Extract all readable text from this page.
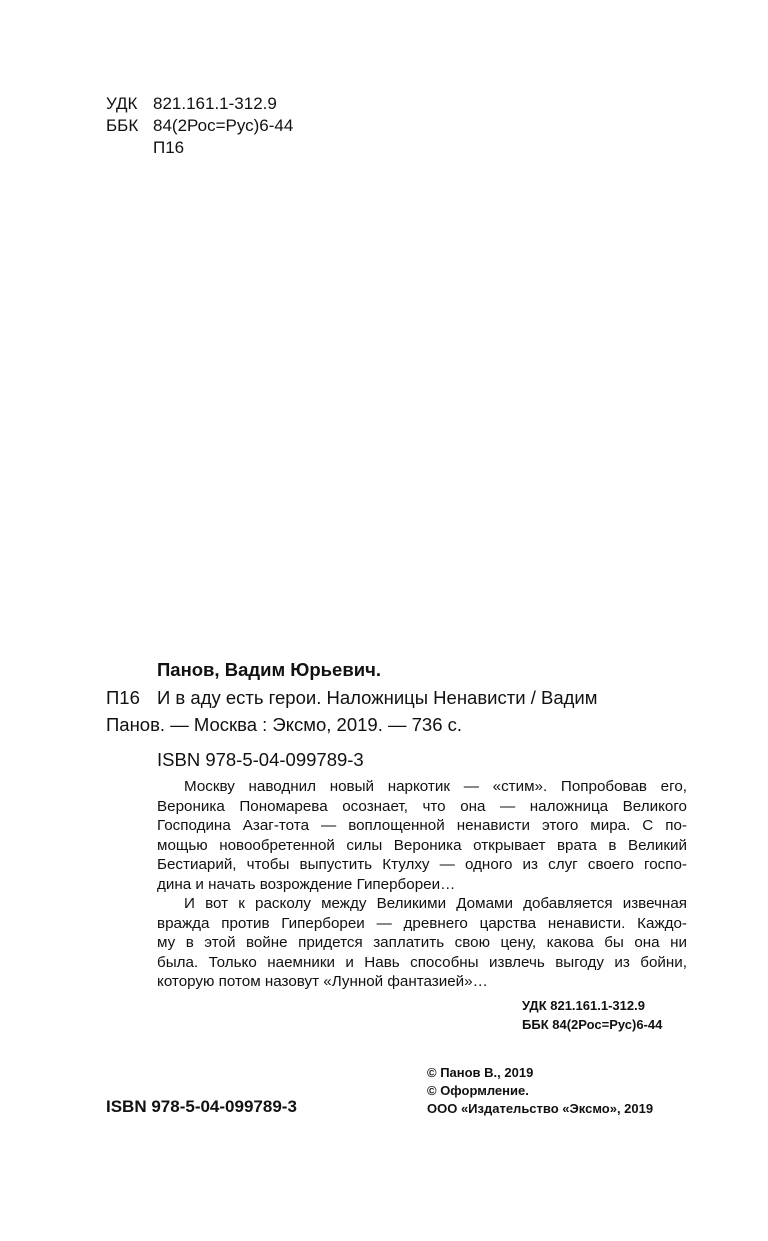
УДК 821.161.1-312.9
ББК 84(2Рос=Рус)6-44
П16
Панов, Вадим Юрьевич.
П16 И в аду есть герои. Наложницы Ненависти / Вадим
Панов. — Москва : Эксмо, 2019. — 736 с.
ISBN 978-5-04-099789-3
Москву наводнил новый наркотик — «стим». Попробовав его,
Вероника Пономарева осознает, что она — наложница Великого
Господина Азаг-тота — воплощенной ненависти этого мира. С по-
мощью новообретенной силы Вероника открывает врата в Великий
Бестиарий, чтобы выпустить Ктулху — одного из слуг своего госпо-
дина и начать возрождение Гипербореи…
И вот к расколу между Великими Домами добавляется извечная
вражда против Гипербореи — древнего царства ненависти. Каждо-
му в этой войне придется заплатить свою цену, какова бы она ни
была. Только наемники и Навь способны извлечь выгоду из бойни,
которую потом назовут «Лунной фантазией»…
УДК 821.161.1-312.9
ББК 84(2Рос=Рус)6-44
ISBN 978-5-04-099789-3
© Панов В., 2019
© Оформление.
ООО «Издательство «Эксмо», 2019
